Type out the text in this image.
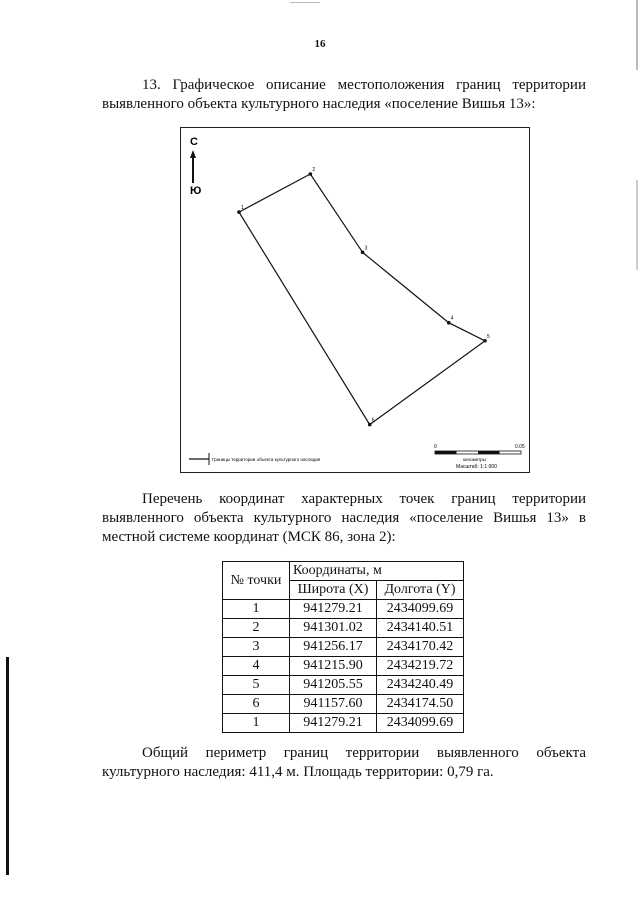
16
13. Графическое описание местоположения границ территории
выявленного объекта культурного наследия «поселение Вишья 13»:
С
Ю
1
2
3
4
5
6
Границы территории объекта культурного наследия
0	0.05
километры
Масштаб: 1:1 000
Перечень координат характерных точек границ территории
выявленного объекта культурного наследия «поселение Вишья 13» в
местной системе координат (МСК 86, зона 2):
№ точки	Координаты, м	
	Широта (X)	Долгота (Y)
1	941279.21	2434099.69
2	941301.02	2434140.51
3	941256.17	2434170.42
4	941215.90	2434219.72
5	941205.55	2434240.49
6	941157.60	2434174.50
1	941279.21	2434099.69
Общий периметр границ территории выявленного объекта
культурного наследия: 411,4 м. Площадь территории: 0,79 га.
